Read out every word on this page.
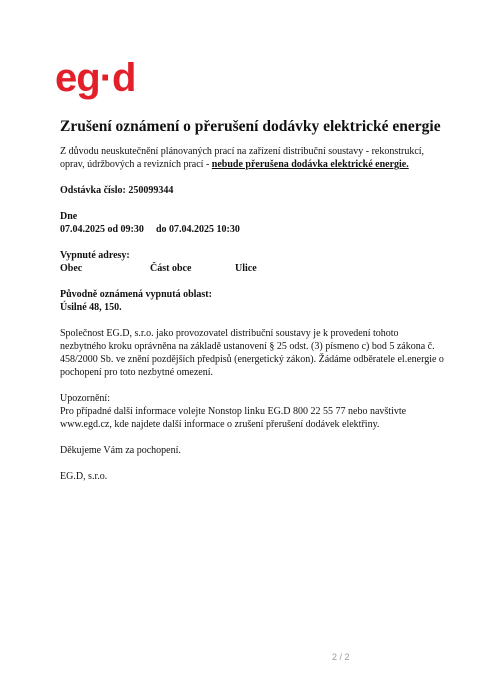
eg·d
Zrušení oznámení o přerušení dodávky elektrické energie

Z důvodu neuskutečnění plánovaných prací na zařízení distribuční soustavy - rekonstrukcí, oprav, údržbových a revizních prací - nebude přerušena dodávka elektrické energie.

Odstávka číslo: 250099344

Dne

07.04.2025 od 09:30	do 07.04.2025 10:30

Vypnuté adresy:

Obec	Část obce	Ulice

Původně oznámená vypnutá oblast:

Úsilné 48, 150.

Společnost EG.D, s.r.o. jako provozovatel distribuční soustavy je k provedení tohoto nezbytného kroku oprávněna na základě ustanovení § 25 odst. (3) písmeno c) bod 5 zákona č. 458/2000 Sb. ve znění pozdějších předpisů (energetický zákon). Žádáme odběratele el.energie o pochopení pro toto nezbytné omezení.

Upozornění:

Pro případné další informace volejte Nonstop linku EG.D 800 22 55 77 nebo navštivte www.egd.cz, kde najdete další informace o zrušení přerušení dodávek elektřiny.

Děkujeme Vám za pochopení.

EG.D, s.r.o.

2 / 2
